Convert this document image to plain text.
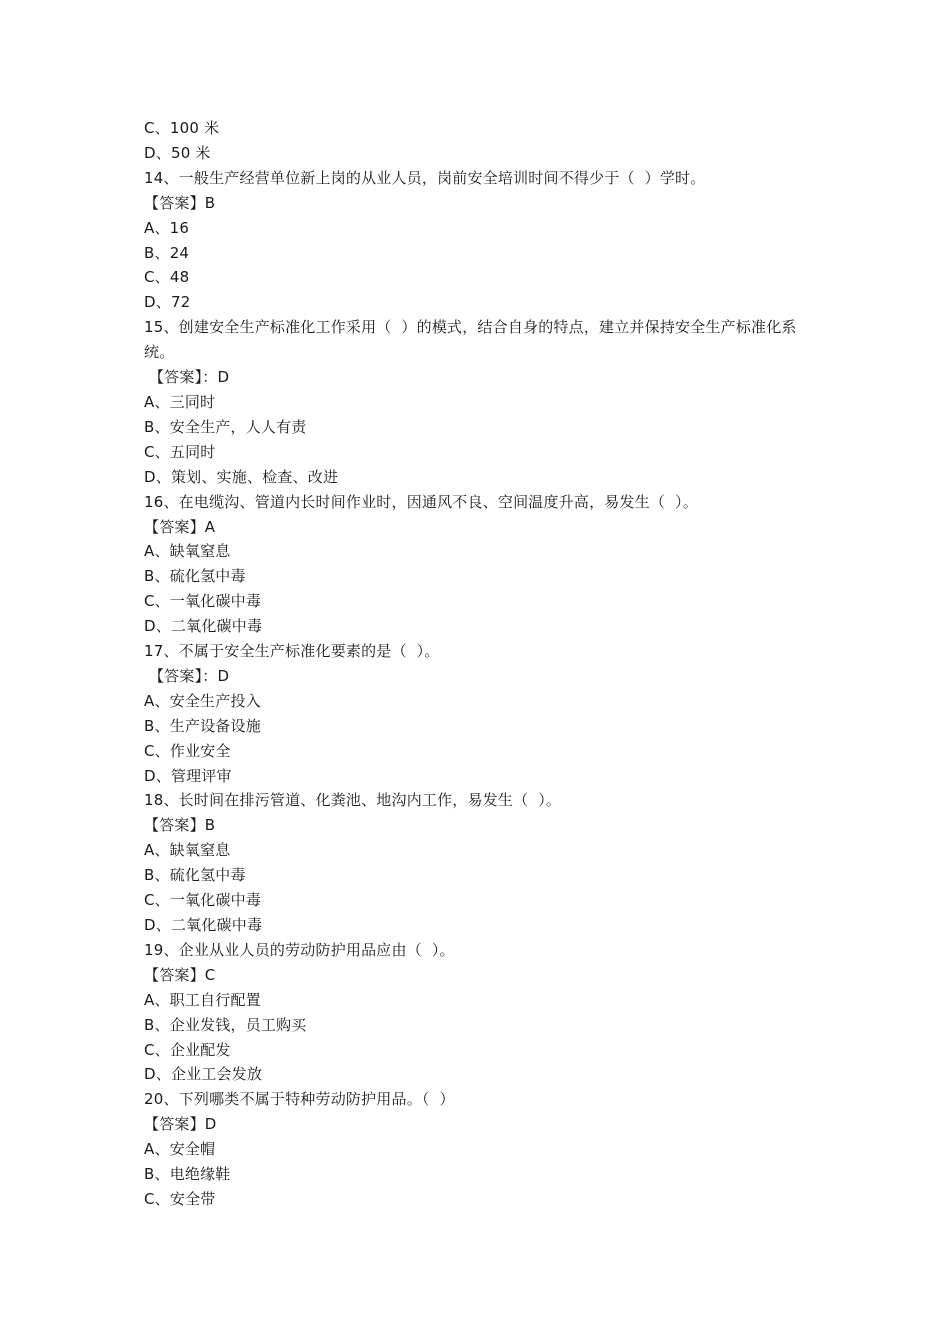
C、100 米
D、50 米
14、一般生产经营单位新上岗的从业人员，岗前安全培训时间不得少于（  ）学时。
【答案】B
A、16
B、24
C、48
D、72
15、创建安全生产标准化工作采用（  ）的模式，结合自身的特点，建立并保持安全生产标准化系统。
【答案】：D
A、三同时
B、安全生产，人人有责
C、五同时
D、策划、实施、检查、改进
16、在电缆沟、管道内长时间作业时，因通风不良、空间温度升高，易发生（  ）。
【答案】A
A、缺氧窒息
B、硫化氢中毒
C、一氧化碳中毒
D、二氧化碳中毒
17、不属于安全生产标准化要素的是（  ）。
【答案】：D
A、安全生产投入
B、生产设备设施
C、作业安全
D、管理评审
18、长时间在排污管道、化粪池、地沟内工作，易发生（  ）。
【答案】B
A、缺氧窒息
B、硫化氢中毒
C、一氧化碳中毒
D、二氧化碳中毒
19、企业从业人员的劳动防护用品应由（  ）。
【答案】C
A、职工自行配置
B、企业发钱，员工购买
C、企业配发
D、企业工会发放
20、下列哪类不属于特种劳动防护用品。（  ）
【答案】D
A、安全帽
B、电绝缘鞋
C、安全带
